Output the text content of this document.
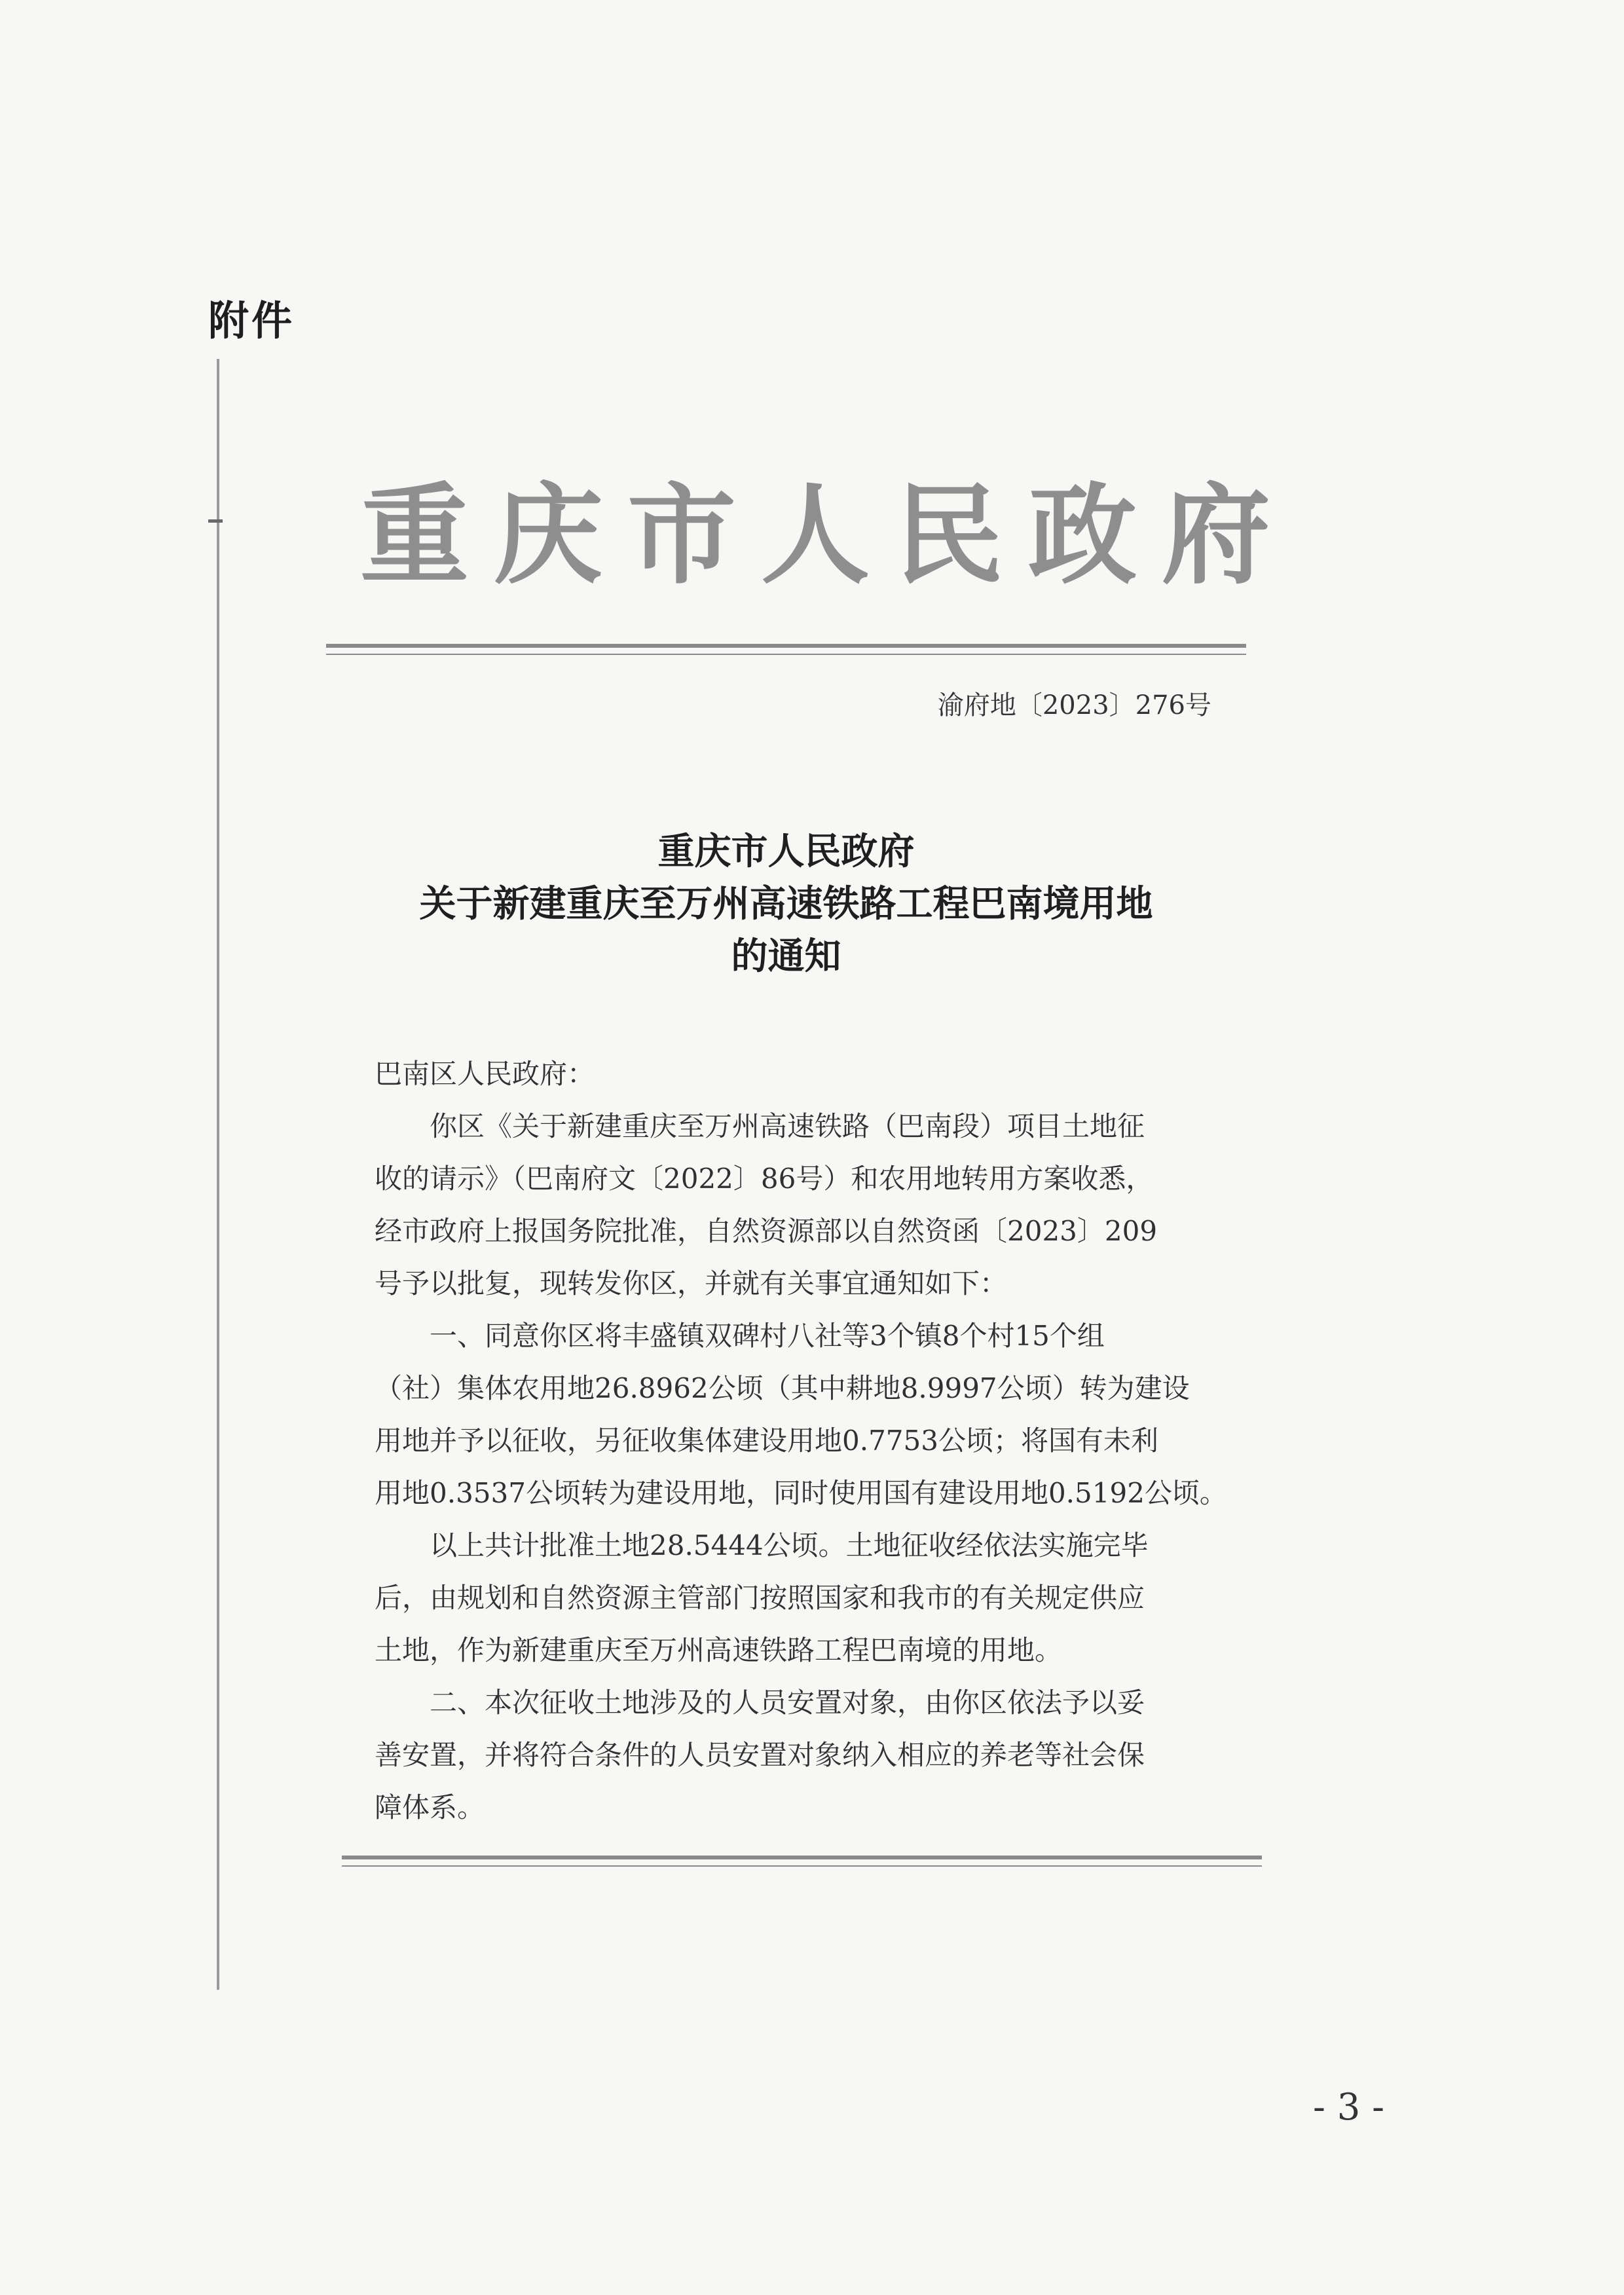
附件
重庆市人民政府
渝府地〔2023〕276号
重庆市人民政府
关于新建重庆至万州高速铁路工程巴南境用地
的通知
巴南区人民政府：
　　你区《关于新建重庆至万州高速铁路（巴南段）项目土地征
收的请示》（巴南府文〔2022〕86号）和农用地转用方案收悉，
经市政府上报国务院批准，自然资源部以自然资函〔2023〕209
号予以批复，现转发你区，并就有关事宜通知如下：
　　一、同意你区将丰盛镇双碑村八社等3个镇8个村15个组
（社）集体农用地26.8962公顷（其中耕地8.9997公顷）转为建设
用地并予以征收，另征收集体建设用地0.7753公顷；将国有未利
用地0.3537公顷转为建设用地，同时使用国有建设用地0.5192公顷。
　　以上共计批准土地28.5444公顷。土地征收经依法实施完毕
后，由规划和自然资源主管部门按照国家和我市的有关规定供应
土地，作为新建重庆至万州高速铁路工程巴南境的用地。
　　二、本次征收土地涉及的人员安置对象，由你区依法予以妥
善安置，并将符合条件的人员安置对象纳入相应的养老等社会保
障体系。
- 3 -
